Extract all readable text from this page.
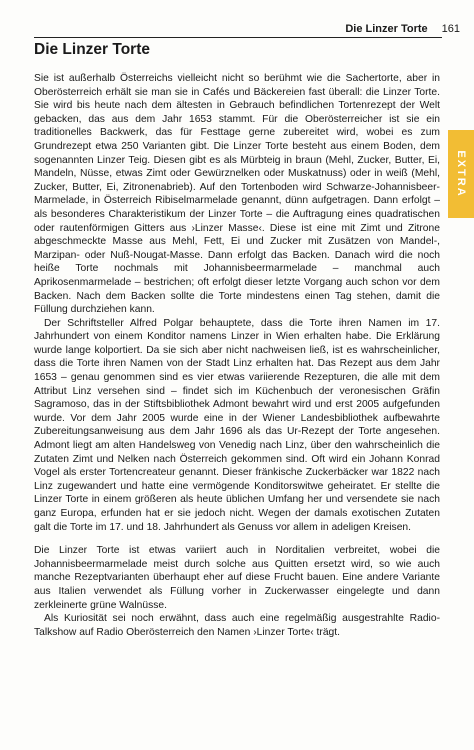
Die Linzer Torte 161
EXTRA
Die Linzer Torte

Sie ist außerhalb Österreichs vielleicht nicht so berühmt wie die Sachertorte, aber in Oberösterreich erhält sie man sie in Cafés und Bäckereien fast überall: die Linzer Torte. Sie wird bis heute nach dem ältesten in Gebrauch befindlichen Tortenrezept der Welt gebacken, das aus dem Jahr 1653 stammt. Für die Oberösterreicher ist sie ein traditionelles Backwerk, das für Festtage gerne zubereitet wird, wobei es zum Grundrezept etwa 250 Varianten gibt. Die Linzer Torte besteht aus einem Boden, dem sogenannten Linzer Teig. Diesen gibt es als Mürbteig in braun (Mehl, Zucker, Butter, Ei, Mandeln, Nüsse, etwas Zimt oder Gewürznelken oder Muskatnuss) oder in weiß (Mehl, Zucker, Butter, Ei, Zitronenabrieb). Auf den Tortenboden wird Schwarze-Johannisbeer-Marmelade, in Österreich Ribiselmarmelade genannt, dünn aufgetragen. Dann erfolgt – als besonderes Charakteristikum der Linzer Torte – die Auftragung eines quadratischen oder rautenförmigen Gitters aus ›Linzer Masse‹. Diese ist eine mit Zimt und Zitrone abgeschmeckte Masse aus Mehl, Fett, Ei und Zucker mit Zusätzen von Mandel-, Marzipan- oder Nuß-Nougat-Masse. Dann erfolgt das Backen. Danach wird die noch heiße Torte nochmals mit Johannisbeermarmelade – manchmal auch Aprikosenmarmelade – bestrichen; oft erfolgt dieser letzte Vorgang auch schon vor dem Backen. Nach dem Backen sollte die Torte mindestens einen Tag stehen, damit die Füllung durchziehen kann.

Der Schriftsteller Alfred Polgar behauptete, dass die Torte ihren Namen im 17. Jahrhundert von einem Konditor namens Linzer in Wien erhalten habe. Die Erklärung wurde lange kolportiert. Da sie sich aber nicht nachweisen ließ, ist es wahrscheinlicher, dass die Torte ihren Namen von der Stadt Linz erhalten hat. Das Rezept aus dem Jahr 1653 – genau genommen sind es vier etwas variierende Rezepturen, die alle mit dem Attribut Linz versehen sind – findet sich im Küchenbuch der veronesischen Gräfin Sagramoso, das in der Stiftsbibliothek Admont bewahrt wird und erst 2005 aufgefunden wurde. Vor dem Jahr 2005 wurde eine in der Wiener Landesbibliothek aufbewahrte Zubereitungsanweisung aus dem Jahr 1696 als das Ur-Rezept der Torte angesehen. Admont liegt am alten Handelsweg von Venedig nach Linz, über den wahrscheinlich die Zutaten Zimt und Nelken nach Österreich gekommen sind. Oft wird ein Johann Konrad Vogel als erster Tortencreateur genannt. Dieser fränkische Zuckerbäcker war 1822 nach Linz zugewandert und hatte eine vermögende Konditorswitwe geheiratet. Er stellte die Linzer Torte in einem größeren als heute üblichen Umfang her und versendete sie nach ganz Europa, erfunden hat er sie jedoch nicht. Wegen der damals exotischen Zutaten galt die Torte im 17. und 18. Jahrhundert als Genuss vor allem in adeligen Kreisen.

Die Linzer Torte ist etwas variiert auch in Norditalien verbreitet, wobei die Johannisbeermarmelade meist durch solche aus Quitten ersetzt wird, so wie auch manche Rezeptvarianten überhaupt eher auf diese Frucht bauen. Eine andere Variante aus Italien verwendet als Füllung vorher in Zuckerwasser eingelegte und dann zerkleinerte grüne Walnüsse.

Als Kuriosität sei noch erwähnt, dass auch eine regelmäßig ausgestrahlte Radio-Talkshow auf Radio Oberösterreich den Namen ›Linzer Torte‹ trägt.
